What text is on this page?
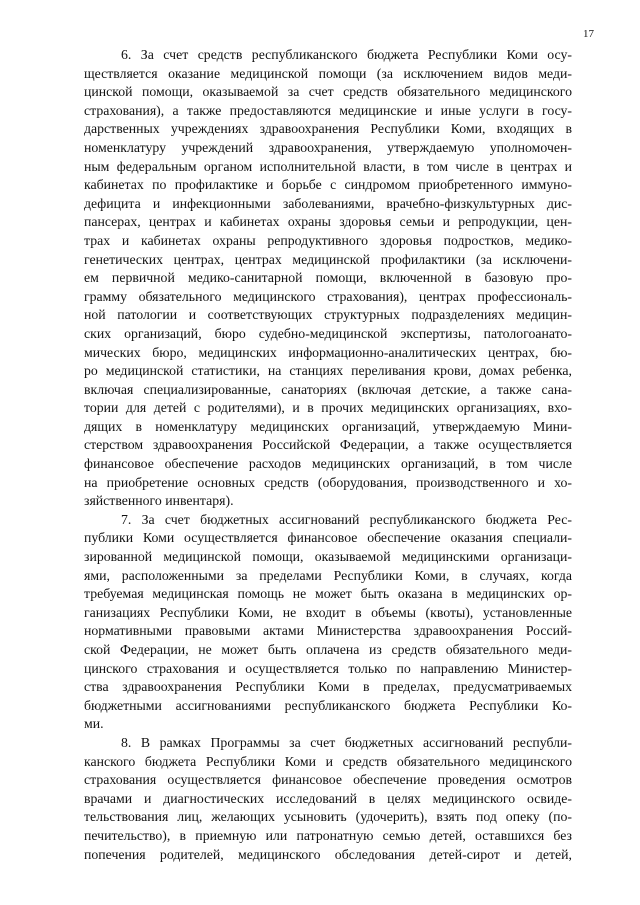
17
6. За счет средств республиканского бюджета Республики Коми осу-
ществляется оказание медицинской помощи (за исключением видов меди-
цинской помощи, оказываемой за счет средств обязательного медицинского
страхования), а также предоставляются медицинские и иные услуги в госу-
дарственных учреждениях здравоохранения Республики Коми, входящих в
номенклатуру учреждений здравоохранения, утверждаемую уполномочен-
ным федеральным органом исполнительной власти, в том числе в центрах и
кабинетах по профилактике и борьбе с синдромом приобретенного иммуно-
дефицита и инфекционными заболеваниями, врачебно-физкультурных дис-
пансерах, центрах и кабинетах охраны здоровья семьи и репродукции, цен-
трах и кабинетах охраны репродуктивного здоровья подростков, медико-
генетических центрах, центрах медицинской профилактики (за исключени-
ем первичной медико-санитарной помощи, включенной в базовую про-
грамму обязательного медицинского страхования), центрах профессиональ-
ной патологии и соответствующих структурных подразделениях медицин-
ских организаций, бюро судебно-медицинской экспертизы, патологоанато-
мических бюро, медицинских информационно-аналитических центрах, бю-
ро медицинской статистики, на станциях переливания крови, домах ребенка,
включая специализированные, санаториях (включая детские, а также сана-
тории для детей с родителями), и в прочих медицинских организациях, вхо-
дящих в номенклатуру медицинских организаций, утверждаемую Мини-
стерством здравоохранения Российской Федерации, а также осуществляется
финансовое обеспечение расходов медицинских организаций, в том числе
на приобретение основных средств (оборудования, производственного и хо-
зяйственного инвентаря).
7. За счет бюджетных ассигнований республиканского бюджета Рес-
публики Коми осуществляется финансовое обеспечение оказания специали-
зированной медицинской помощи, оказываемой медицинскими организаци-
ями, расположенными за пределами Республики Коми, в случаях, когда
требуемая медицинская помощь не может быть оказана в медицинских ор-
ганизациях Республики Коми, не входит в объемы (квоты), установленные
нормативными правовыми актами Министерства здравоохранения Россий-
ской Федерации, не может быть оплачена из средств обязательного меди-
цинского страхования и осуществляется только по направлению Министер-
ства здравоохранения Республики Коми в пределах, предусматриваемых
бюджетными ассигнованиями республиканского бюджета Республики Ко-
ми.
8. В рамках Программы за счет бюджетных ассигнований республи-
канского бюджета Республики Коми и средств обязательного медицинского
страхования осуществляется финансовое обеспечение проведения осмотров
врачами и диагностических исследований в целях медицинского освиде-
тельствования лиц, желающих усыновить (удочерить), взять под опеку (по-
печительство), в приемную или патронатную семью детей, оставшихся без
попечения родителей, медицинского обследования детей-сирот и детей,
